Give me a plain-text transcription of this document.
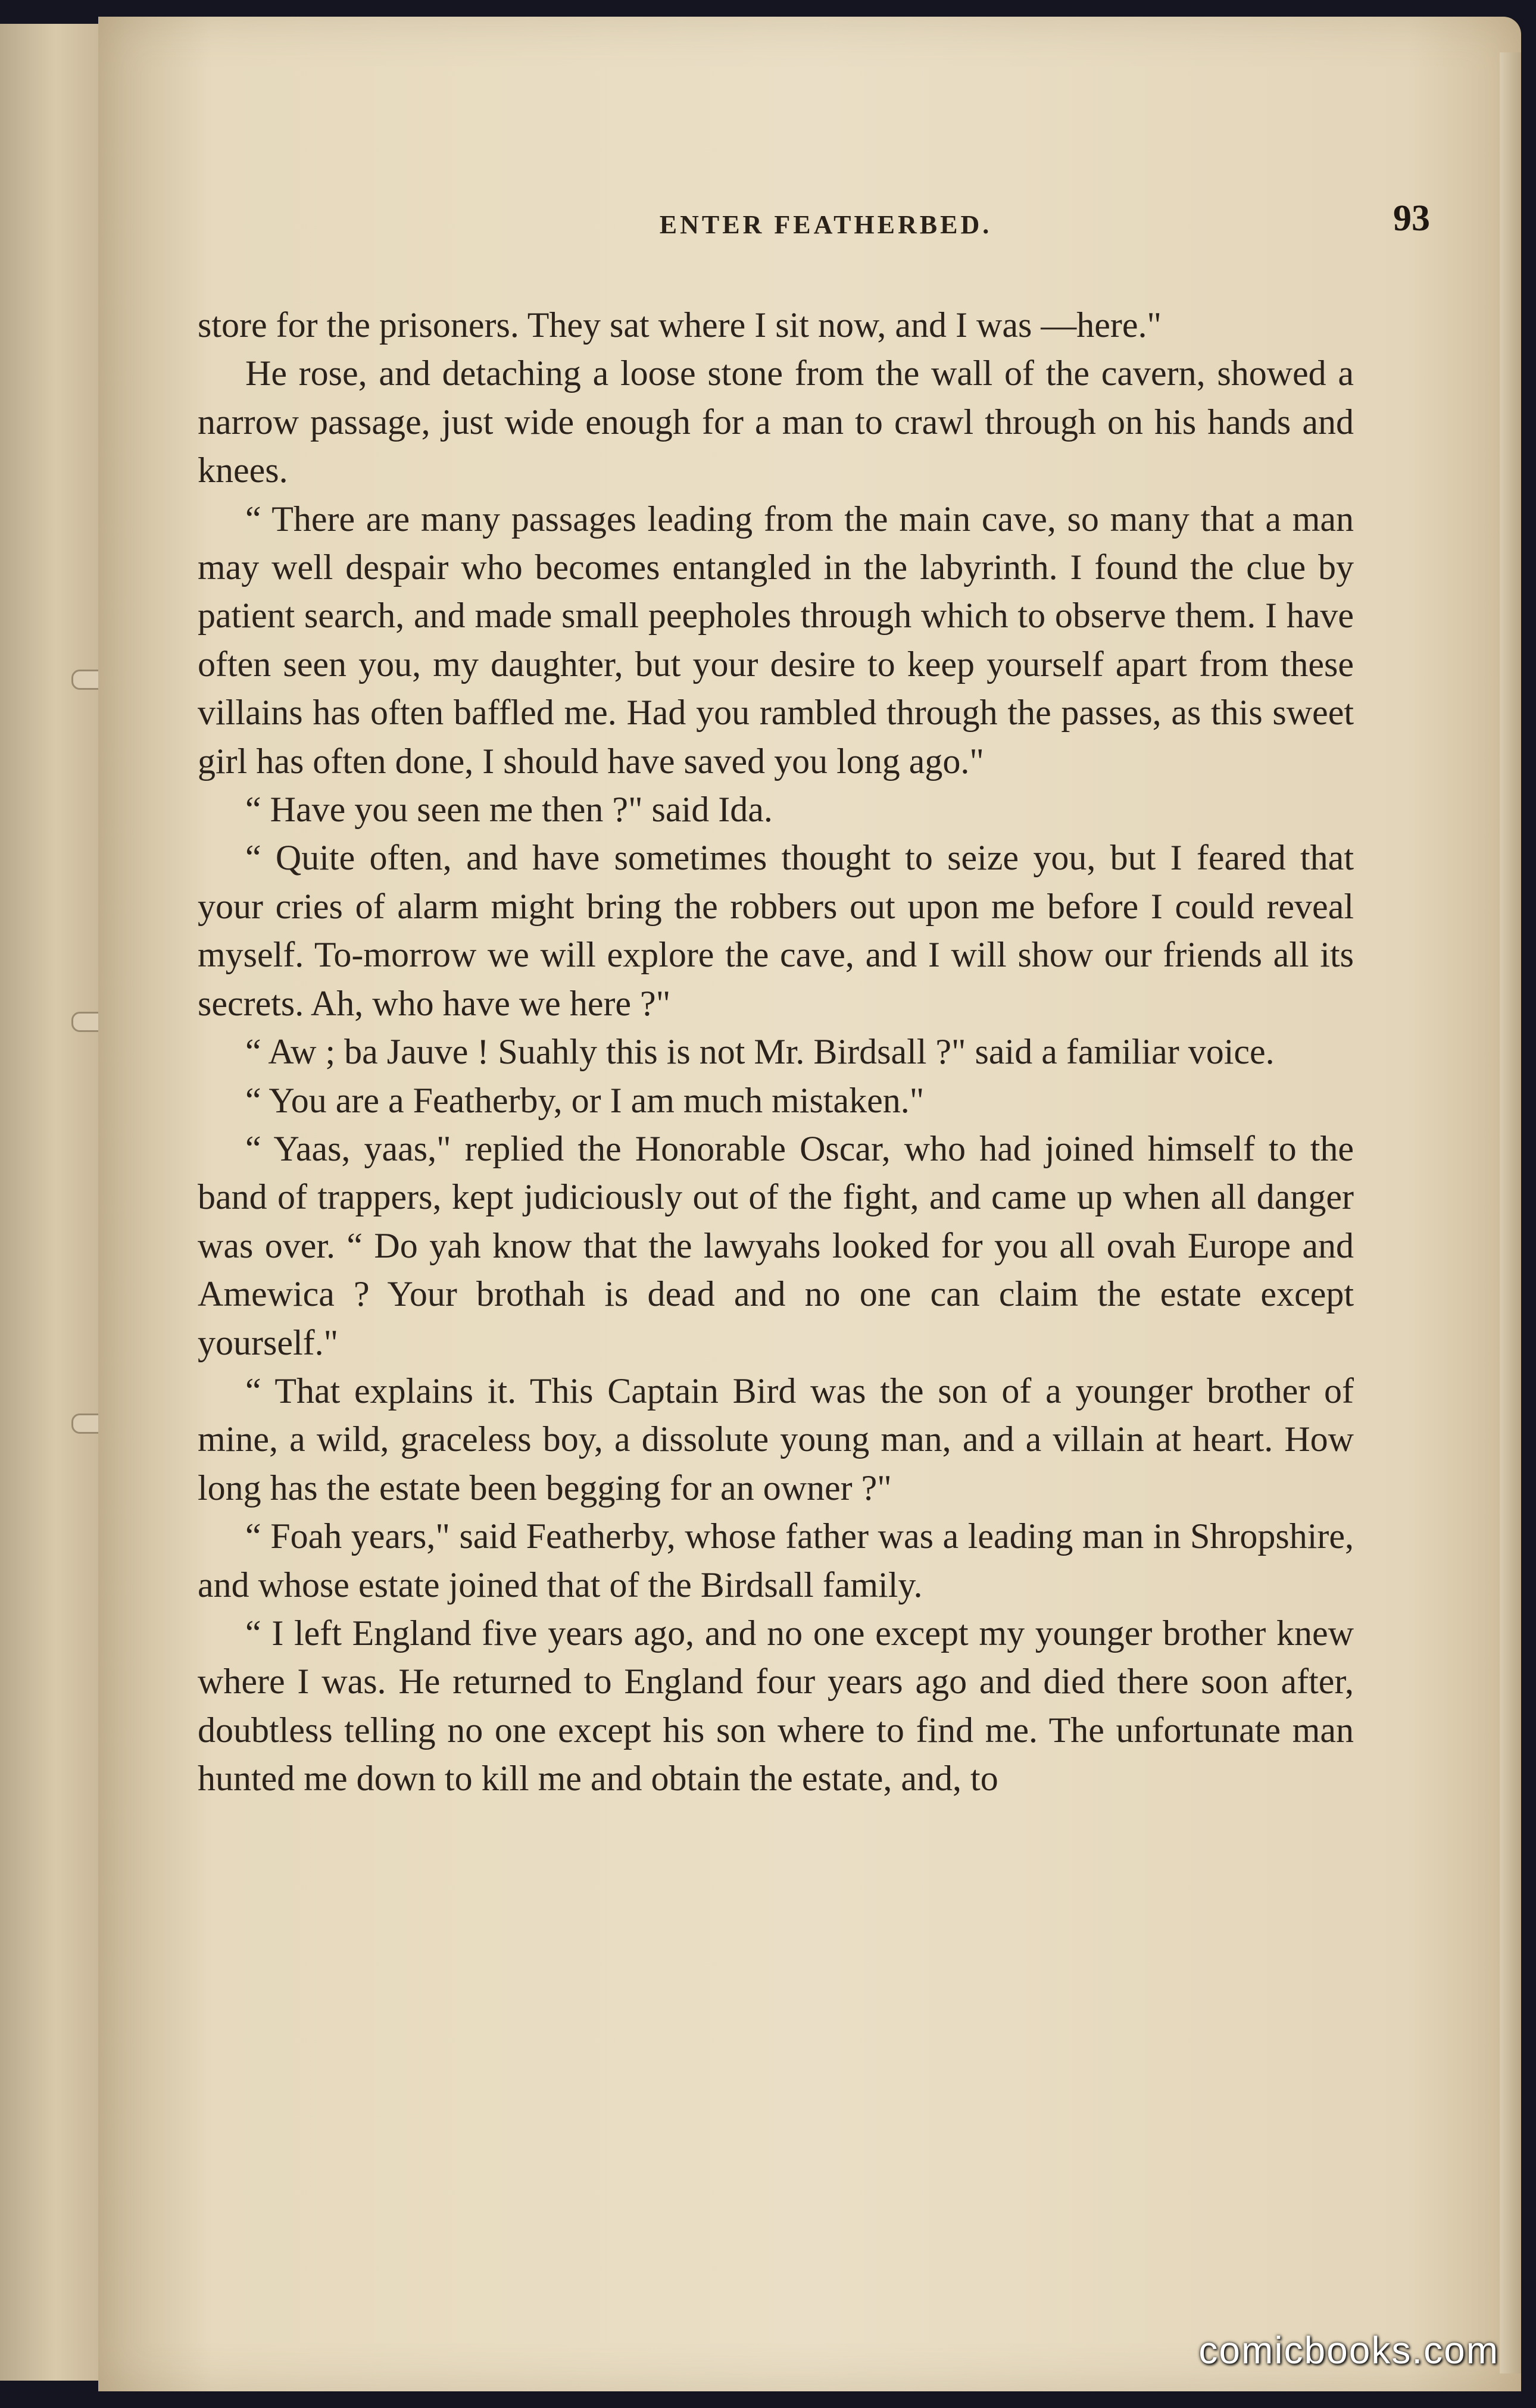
ENTER FEATHERBED.	93

store for the prisoners. They sat where I sit now, and I was —here."

He rose, and detaching a loose stone from the wall of the cavern, showed a narrow passage, just wide enough for a man to crawl through on his hands and knees.

“ There are many passages leading from the main cave, so many that a man may well despair who becomes entangled in the labyrinth. I found the clue by patient search, and made small peepholes through which to observe them. I have often seen you, my daughter, but your desire to keep yourself apart from these villains has often baffled me. Had you rambled through the passes, as this sweet girl has often done, I should have saved you long ago."

“ Have you seen me then ?" said Ida.

“ Quite often, and have sometimes thought to seize you, but I feared that your cries of alarm might bring the robbers out upon me before I could reveal myself. To-morrow we will explore the cave, and I will show our friends all its secrets. Ah, who have we here ?"

“ Aw ; ba Jauve ! Suahly this is not Mr. Birdsall ?" said a familiar voice.

“ You are a Featherby, or I am much mistaken."

“ Yaas, yaas," replied the Honorable Oscar, who had joined himself to the band of trappers, kept judiciously out of the fight, and came up when all danger was over. “ Do yah know that the lawyahs looked for you all ovah Europe and Amewica ? Your brothah is dead and no one can claim the estate except yourself."

“ That explains it. This Captain Bird was the son of a younger brother of mine, a wild, graceless boy, a dissolute young man, and a villain at heart. How long has the estate been begging for an owner ?"

“ Foah years," said Featherby, whose father was a leading man in Shropshire, and whose estate joined that of the Birdsall family.

“ I left England five years ago, and no one except my younger brother knew where I was. He returned to England four years ago and died there soon after, doubtless telling no one except his son where to find me. The unfortunate man hunted me down to kill me and obtain the estate, and, to

comicbooks.com
